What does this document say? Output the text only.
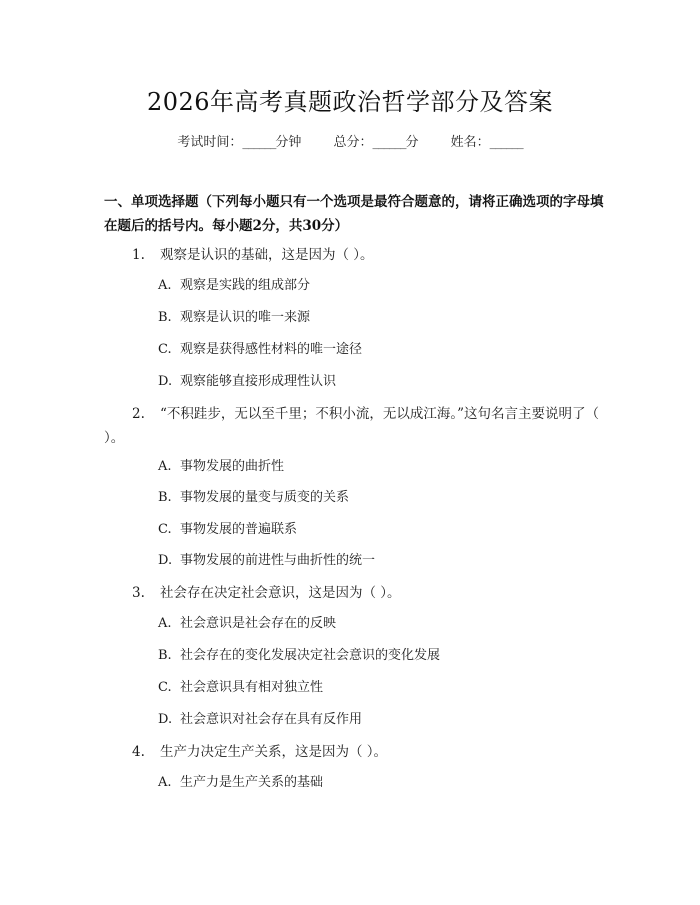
2026年高考真题政治哲学部分及答案
考试时间：______分钟 总分：______分 姓名：______
一、单项选择题（下列每小题只有一个选项是最符合题意的，请将正确选项的字母填在题后的括号内。每小题2分，共30分）
1. 观察是认识的基础，这是因为（ ）。
A. 观察是实践的组成部分
B. 观察是认识的唯一来源
C. 观察是获得感性材料的唯一途径
D. 观察能够直接形成理性认识
2. “不积跬步，无以至千里；不积小流，无以成江海。”这句名言主要说明了（ ）。
A. 事物发展的曲折性
B. 事物发展的量变与质变的关系
C. 事物发展的普遍联系
D. 事物发展的前进性与曲折性的统一
3. 社会存在决定社会意识，这是因为（ ）。
A. 社会意识是社会存在的反映
B. 社会存在的变化发展决定社会意识的变化发展
C. 社会意识具有相对独立性
D. 社会意识对社会存在具有反作用
4. 生产力决定生产关系，这是因为（ ）。
A. 生产力是生产关系的基础
